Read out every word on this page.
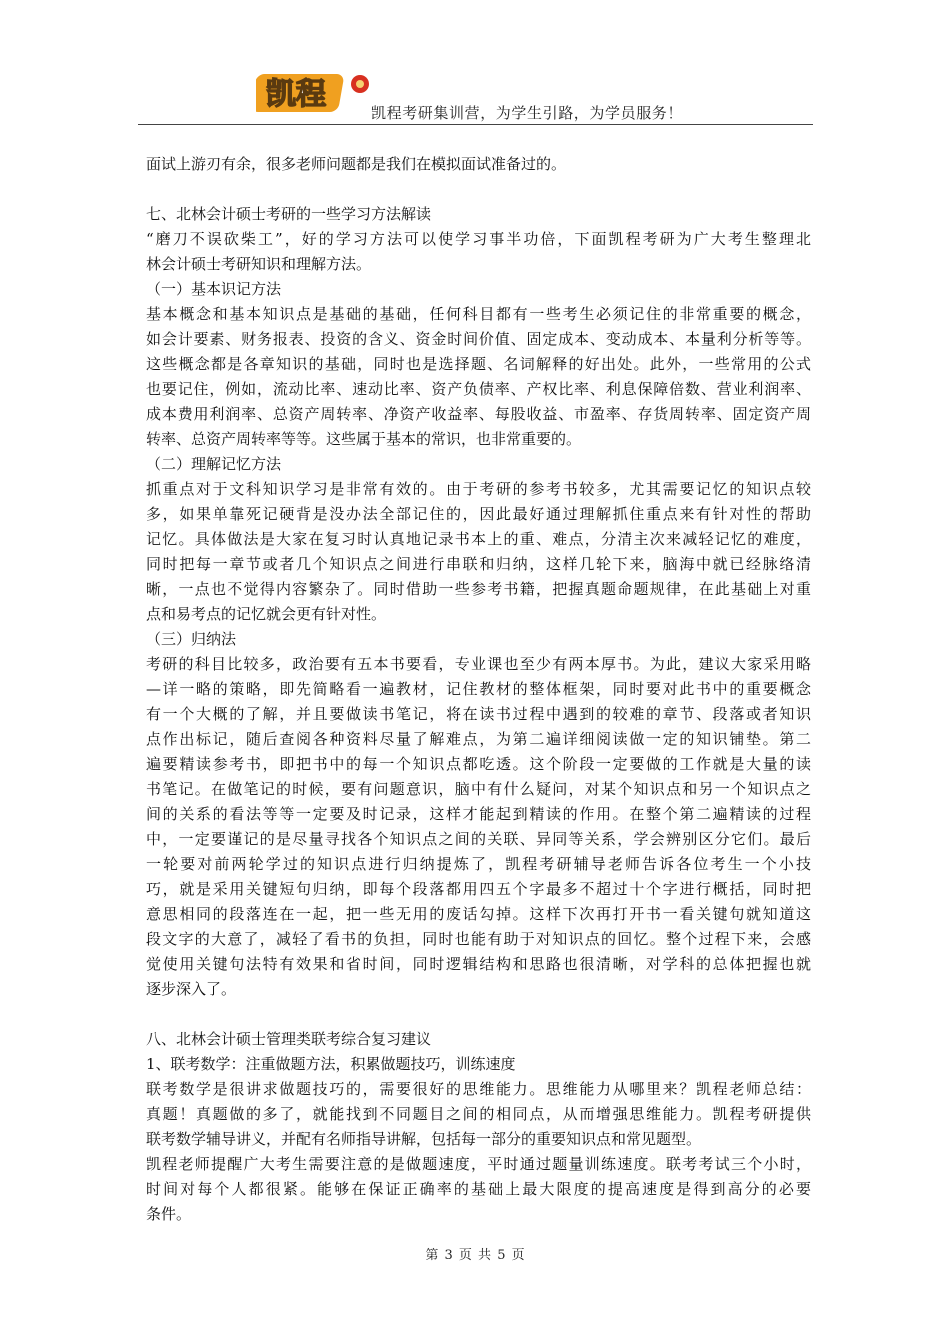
凯程
凯程考研集训营，为学生引路，为学员服务！
面试上游刃有余，很多老师问题都是我们在模拟面试准备过的。
七、北林会计硕士考研的一些学习方法解读
“磨刀不误砍柴工”，好的学习方法可以使学习事半功倍，下面凯程考研为广大考生整理北
林会计硕士考研知识和理解方法。
（一）基本识记方法
基本概念和基本知识点是基础的基础，任何科目都有一些考生必须记住的非常重要的概念，
如会计要素、财务报表、投资的含义、资金时间价值、固定成本、变动成本、本量利分析等等。
这些概念都是各章知识的基础，同时也是选择题、名词解释的好出处。此外，一些常用的公式
也要记住，例如，流动比率、速动比率、资产负债率、产权比率、利息保障倍数、营业利润率、
成本费用利润率、总资产周转率、净资产收益率、每股收益、市盈率、存货周转率、固定资产周
转率、总资产周转率等等。这些属于基本的常识，也非常重要的。
（二）理解记忆方法
抓重点对于文科知识学习是非常有效的。由于考研的参考书较多，尤其需要记忆的知识点较
多，如果单靠死记硬背是没办法全部记住的，因此最好通过理解抓住重点来有针对性的帮助
记忆。具体做法是大家在复习时认真地记录书本上的重、难点，分清主次来减轻记忆的难度，
同时把每一章节或者几个知识点之间进行串联和归纳，这样几轮下来，脑海中就已经脉络清
晰，一点也不觉得内容繁杂了。同时借助一些参考书籍，把握真题命题规律，在此基础上对重
点和易考点的记忆就会更有针对性。
（三）归纳法
考研的科目比较多，政治要有五本书要看，专业课也至少有两本厚书。为此，建议大家采用略
—详一略的策略，即先简略看一遍教材，记住教材的整体框架，同时要对此书中的重要概念
有一个大概的了解，并且要做读书笔记，将在读书过程中遇到的较难的章节、段落或者知识
点作出标记，随后查阅各种资料尽量了解难点，为第二遍详细阅读做一定的知识铺垫。第二
遍要精读参考书，即把书中的每一个知识点都吃透。这个阶段一定要做的工作就是大量的读
书笔记。在做笔记的时候，要有问题意识，脑中有什么疑问，对某个知识点和另一个知识点之
间的关系的看法等等一定要及时记录，这样才能起到精读的作用。在整个第二遍精读的过程
中，一定要谨记的是尽量寻找各个知识点之间的关联、异同等关系，学会辨别区分它们。最后
一轮要对前两轮学过的知识点进行归纳提炼了，凯程考研辅导老师告诉各位考生一个小技
巧，就是采用关键短句归纳，即每个段落都用四五个字最多不超过十个字进行概括，同时把
意思相同的段落连在一起，把一些无用的废话勾掉。这样下次再打开书一看关键句就知道这
段文字的大意了，减轻了看书的负担，同时也能有助于对知识点的回忆。整个过程下来，会感
觉使用关键句法特有效果和省时间，同时逻辑结构和思路也很清晰，对学科的总体把握也就
逐步深入了。
八、北林会计硕士管理类联考综合复习建议
1、联考数学：注重做题方法，积累做题技巧，训练速度
联考数学是很讲求做题技巧的，需要很好的思维能力。思维能力从哪里来？凯程老师总结：
真题！真题做的多了，就能找到不同题目之间的相同点，从而增强思维能力。凯程考研提供
联考数学辅导讲义，并配有名师指导讲解，包括每一部分的重要知识点和常见题型。
凯程老师提醒广大考生需要注意的是做题速度，平时通过题量训练速度。联考考试三个小时，
时间对每个人都很紧。能够在保证正确率的基础上最大限度的提高速度是得到高分的必要
条件。
第 3 页 共 5 页
